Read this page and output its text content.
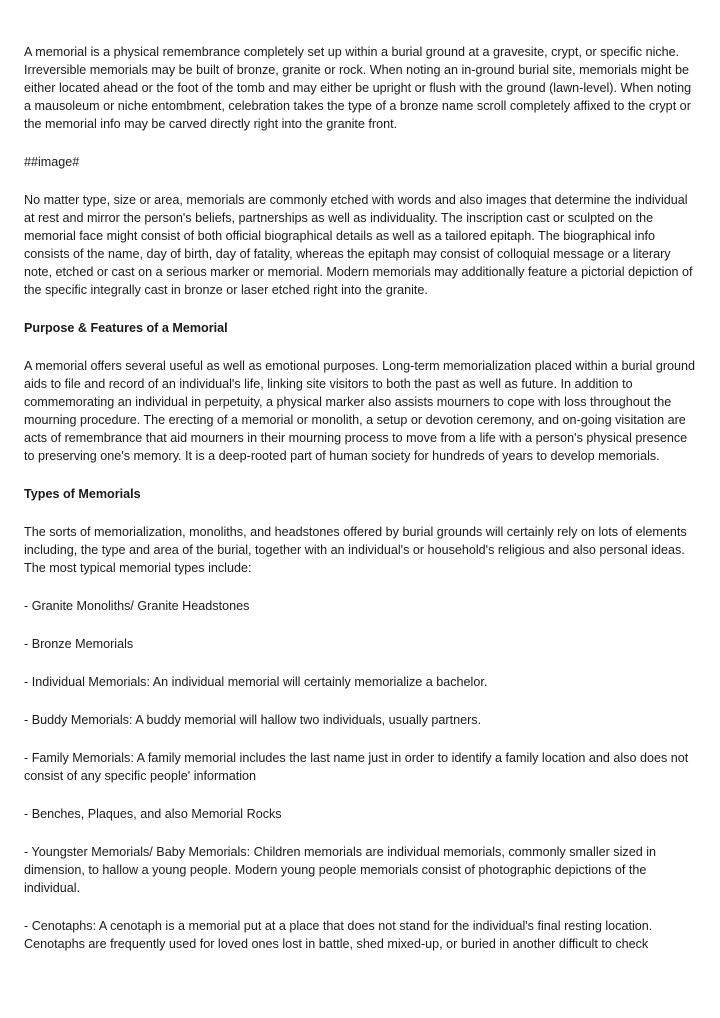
A memorial is a physical remembrance completely set up within a burial ground at a gravesite, crypt, or specific niche. Irreversible memorials may be built of bronze, granite or rock. When noting an in-ground burial site, memorials might be either located ahead or the foot of the tomb and may either be upright or flush with the ground (lawn-level). When noting a mausoleum or niche entombment, celebration takes the type of a bronze name scroll completely affixed to the crypt or the memorial info may be carved directly right into the granite front.

##image#

No matter type, size or area, memorials are commonly etched with words and also images that determine the individual at rest and mirror the person's beliefs, partnerships as well as individuality. The inscription cast or sculpted on the memorial face might consist of both official biographical details as well as a tailored epitaph. The biographical info consists of the name, day of birth, day of fatality, whereas the epitaph may consist of colloquial message or a literary note, etched or cast on a serious marker or memorial. Modern memorials may additionally feature a pictorial depiction of the specific integrally cast in bronze or laser etched right into the granite.

Purpose & Features of a Memorial

A memorial offers several useful as well as emotional purposes. Long-term memorialization placed within a burial ground aids to file and record of an individual's life, linking site visitors to both the past as well as future. In addition to commemorating an individual in perpetuity, a physical marker also assists mourners to cope with loss throughout the mourning procedure. The erecting of a memorial or monolith, a setup or devotion ceremony, and on-going visitation are acts of remembrance that aid mourners in their mourning process to move from a life with a person's physical presence to preserving one's memory. It is a deep-rooted part of human society for hundreds of years to develop memorials.

Types of Memorials

The sorts of memorialization, monoliths, and headstones offered by burial grounds will certainly rely on lots of elements including, the type and area of the burial, together with an individual's or household's religious and also personal ideas. The most typical memorial types include:

- Granite Monoliths/ Granite Headstones
- Bronze Memorials
- Individual Memorials: An individual memorial will certainly memorialize a bachelor.
- Buddy Memorials: A buddy memorial will hallow two individuals, usually partners.
- Family Memorials: A family memorial includes the last name just in order to identify a family location and also does not consist of any specific people' information
- Benches, Plaques, and also Memorial Rocks
- Youngster Memorials/ Baby Memorials: Children memorials are individual memorials, commonly smaller sized in dimension, to hallow a young people. Modern young people memorials consist of photographic depictions of the individual.
- Cenotaphs: A cenotaph is a memorial put at a place that does not stand for the individual's final resting location. Cenotaphs are frequently used for loved ones lost in battle, shed mixed-up, or buried in another difficult to check
